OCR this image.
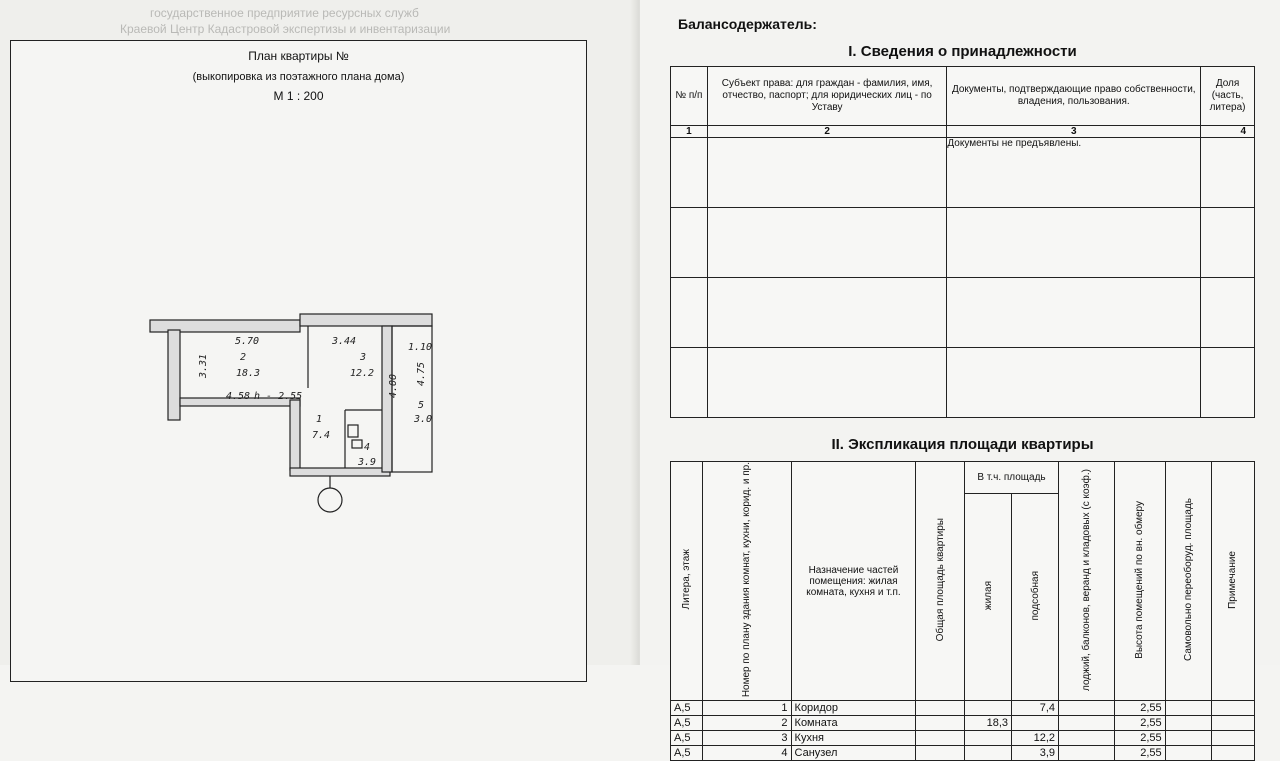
государственное предприятие ресурсных служб
Краевой Центр Кадастровой экспертизы и инвентаризации
План квартиры №
(выкопировка из поэтажного плана дома)
М 1 : 200
5.70
2
18.3
3.31
3.44
3
12.2
4.00
1.10
4.75
4.58 h - 2.55
1
7.4
4
3.9
5
3.0
Балансодержатель:
I. Сведения о принадлежности
№ п/п	Субъект права: для граждан - фамилия, имя, отчество, паспорт; для юридических лиц - по Уставу	Документы, подтверждающие право собственности, владения, пользования.	Доля (часть, литера)
1	2	3	4
		Документы не предъявлены.	

II. Экспликация площади квартиры
Литера, этаж	Номер по плану здания комнат, кухни, корид. и пр.	Назначение частей помещения: жилая комната, кухня и т.п.	Общая площадь квартиры	В т.ч. площадь		лоджий, балконов, веранд и кладовых (с коэф.)	Высота помещений по вн. обмеру	Самовольно переоборуд. площадь	Примечание
				жилая	подсобная				
А,5	1	Коридор			7,4		2,55		
А,5	2	Комната		18,3			2,55		
А,5	3	Кухня			12,2		2,55		
А,5	4	Санузел			3,9		2,55		
